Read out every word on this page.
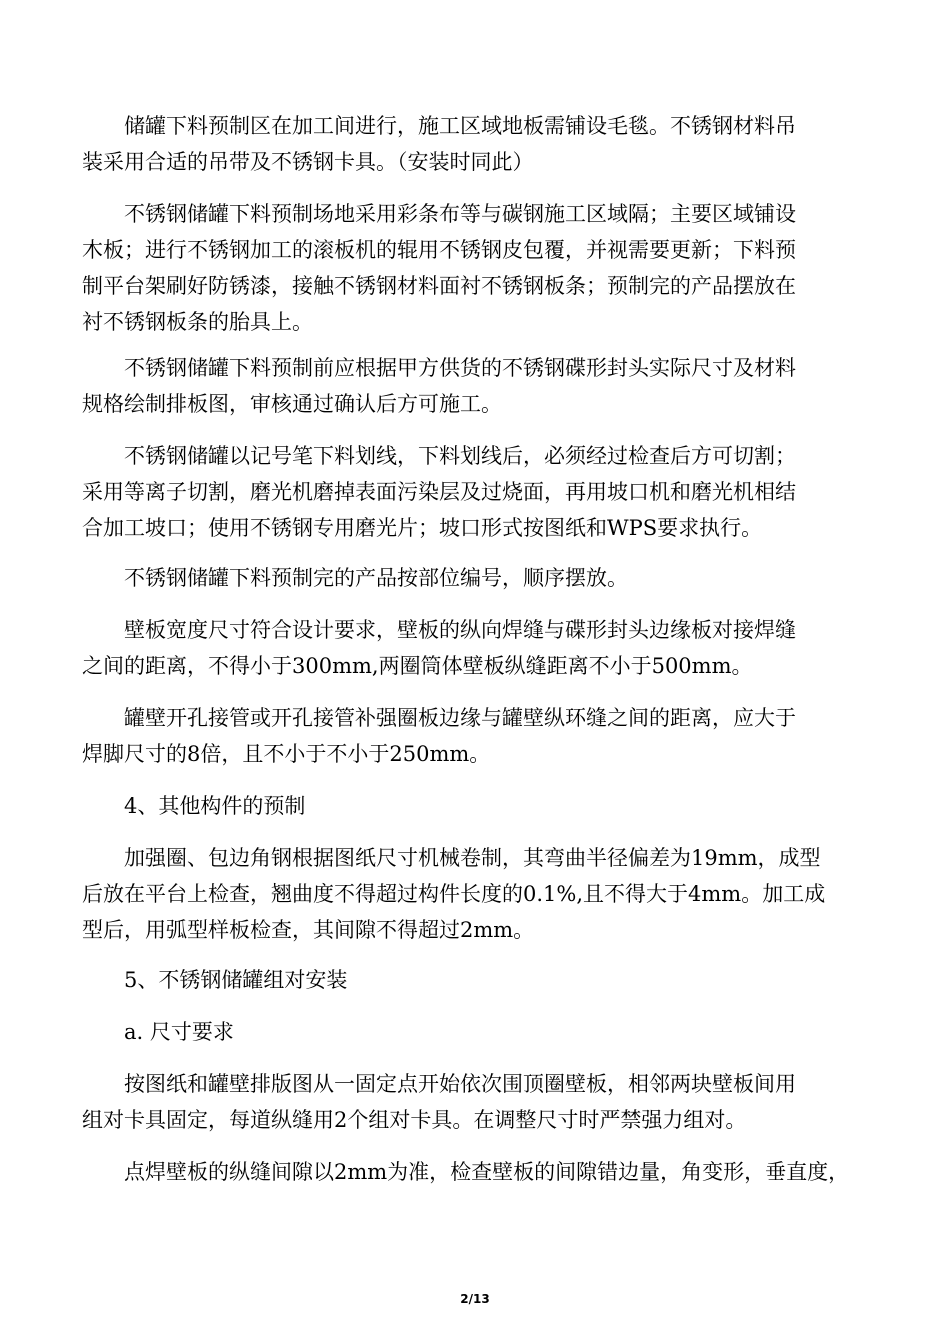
储罐下料预制区在加工间进行，施工区域地板需铺设毛毯。不锈钢材料吊
装采用合适的吊带及不锈钢卡具。（安装时同此）

不锈钢储罐下料预制场地采用彩条布等与碳钢施工区域隔；主要区域铺设
木板；进行不锈钢加工的滚板机的辊用不锈钢皮包覆，并视需要更新；下料预
制平台架刷好防锈漆，接触不锈钢材料面衬不锈钢板条；预制完的产品摆放在
衬不锈钢板条的胎具上。

不锈钢储罐下料预制前应根据甲方供货的不锈钢碟形封头实际尺寸及材料
规格绘制排板图，审核通过确认后方可施工。

不锈钢储罐以记号笔下料划线，下料划线后，必须经过检查后方可切割；
采用等离子切割，磨光机磨掉表面污染层及过烧面，再用坡口机和磨光机相结
合加工坡口；使用不锈钢专用磨光片；坡口形式按图纸和WPS要求执行。

不锈钢储罐下料预制完的产品按部位编号，顺序摆放。

壁板宽度尺寸符合设计要求，壁板的纵向焊缝与碟形封头边缘板对接焊缝
之间的距离，不得小于300mm,两圈筒体壁板纵缝距离不小于500mm。

罐壁开孔接管或开孔接管补强圈板边缘与罐壁纵环缝之间的距离，应大于
焊脚尺寸的8倍，且不小于不小于250mm。

4、其他构件的预制

加强圈、包边角钢根据图纸尺寸机械卷制，其弯曲半径偏差为19mm，成型
后放在平台上检查，翘曲度不得超过构件长度的0.1%,且不得大于4mm。加工成
型后，用弧型样板检查，其间隙不得超过2mm。

5、不锈钢储罐组对安装

a. 尺寸要求

按图纸和罐壁排版图从一固定点开始依次围顶圈壁板，相邻两块壁板间用
组对卡具固定，每道纵缝用2个组对卡具。在调整尺寸时严禁强力组对。

点焊壁板的纵缝间隙以2mm为准，检查壁板的间隙错边量，角变形，垂直度，

2/13
